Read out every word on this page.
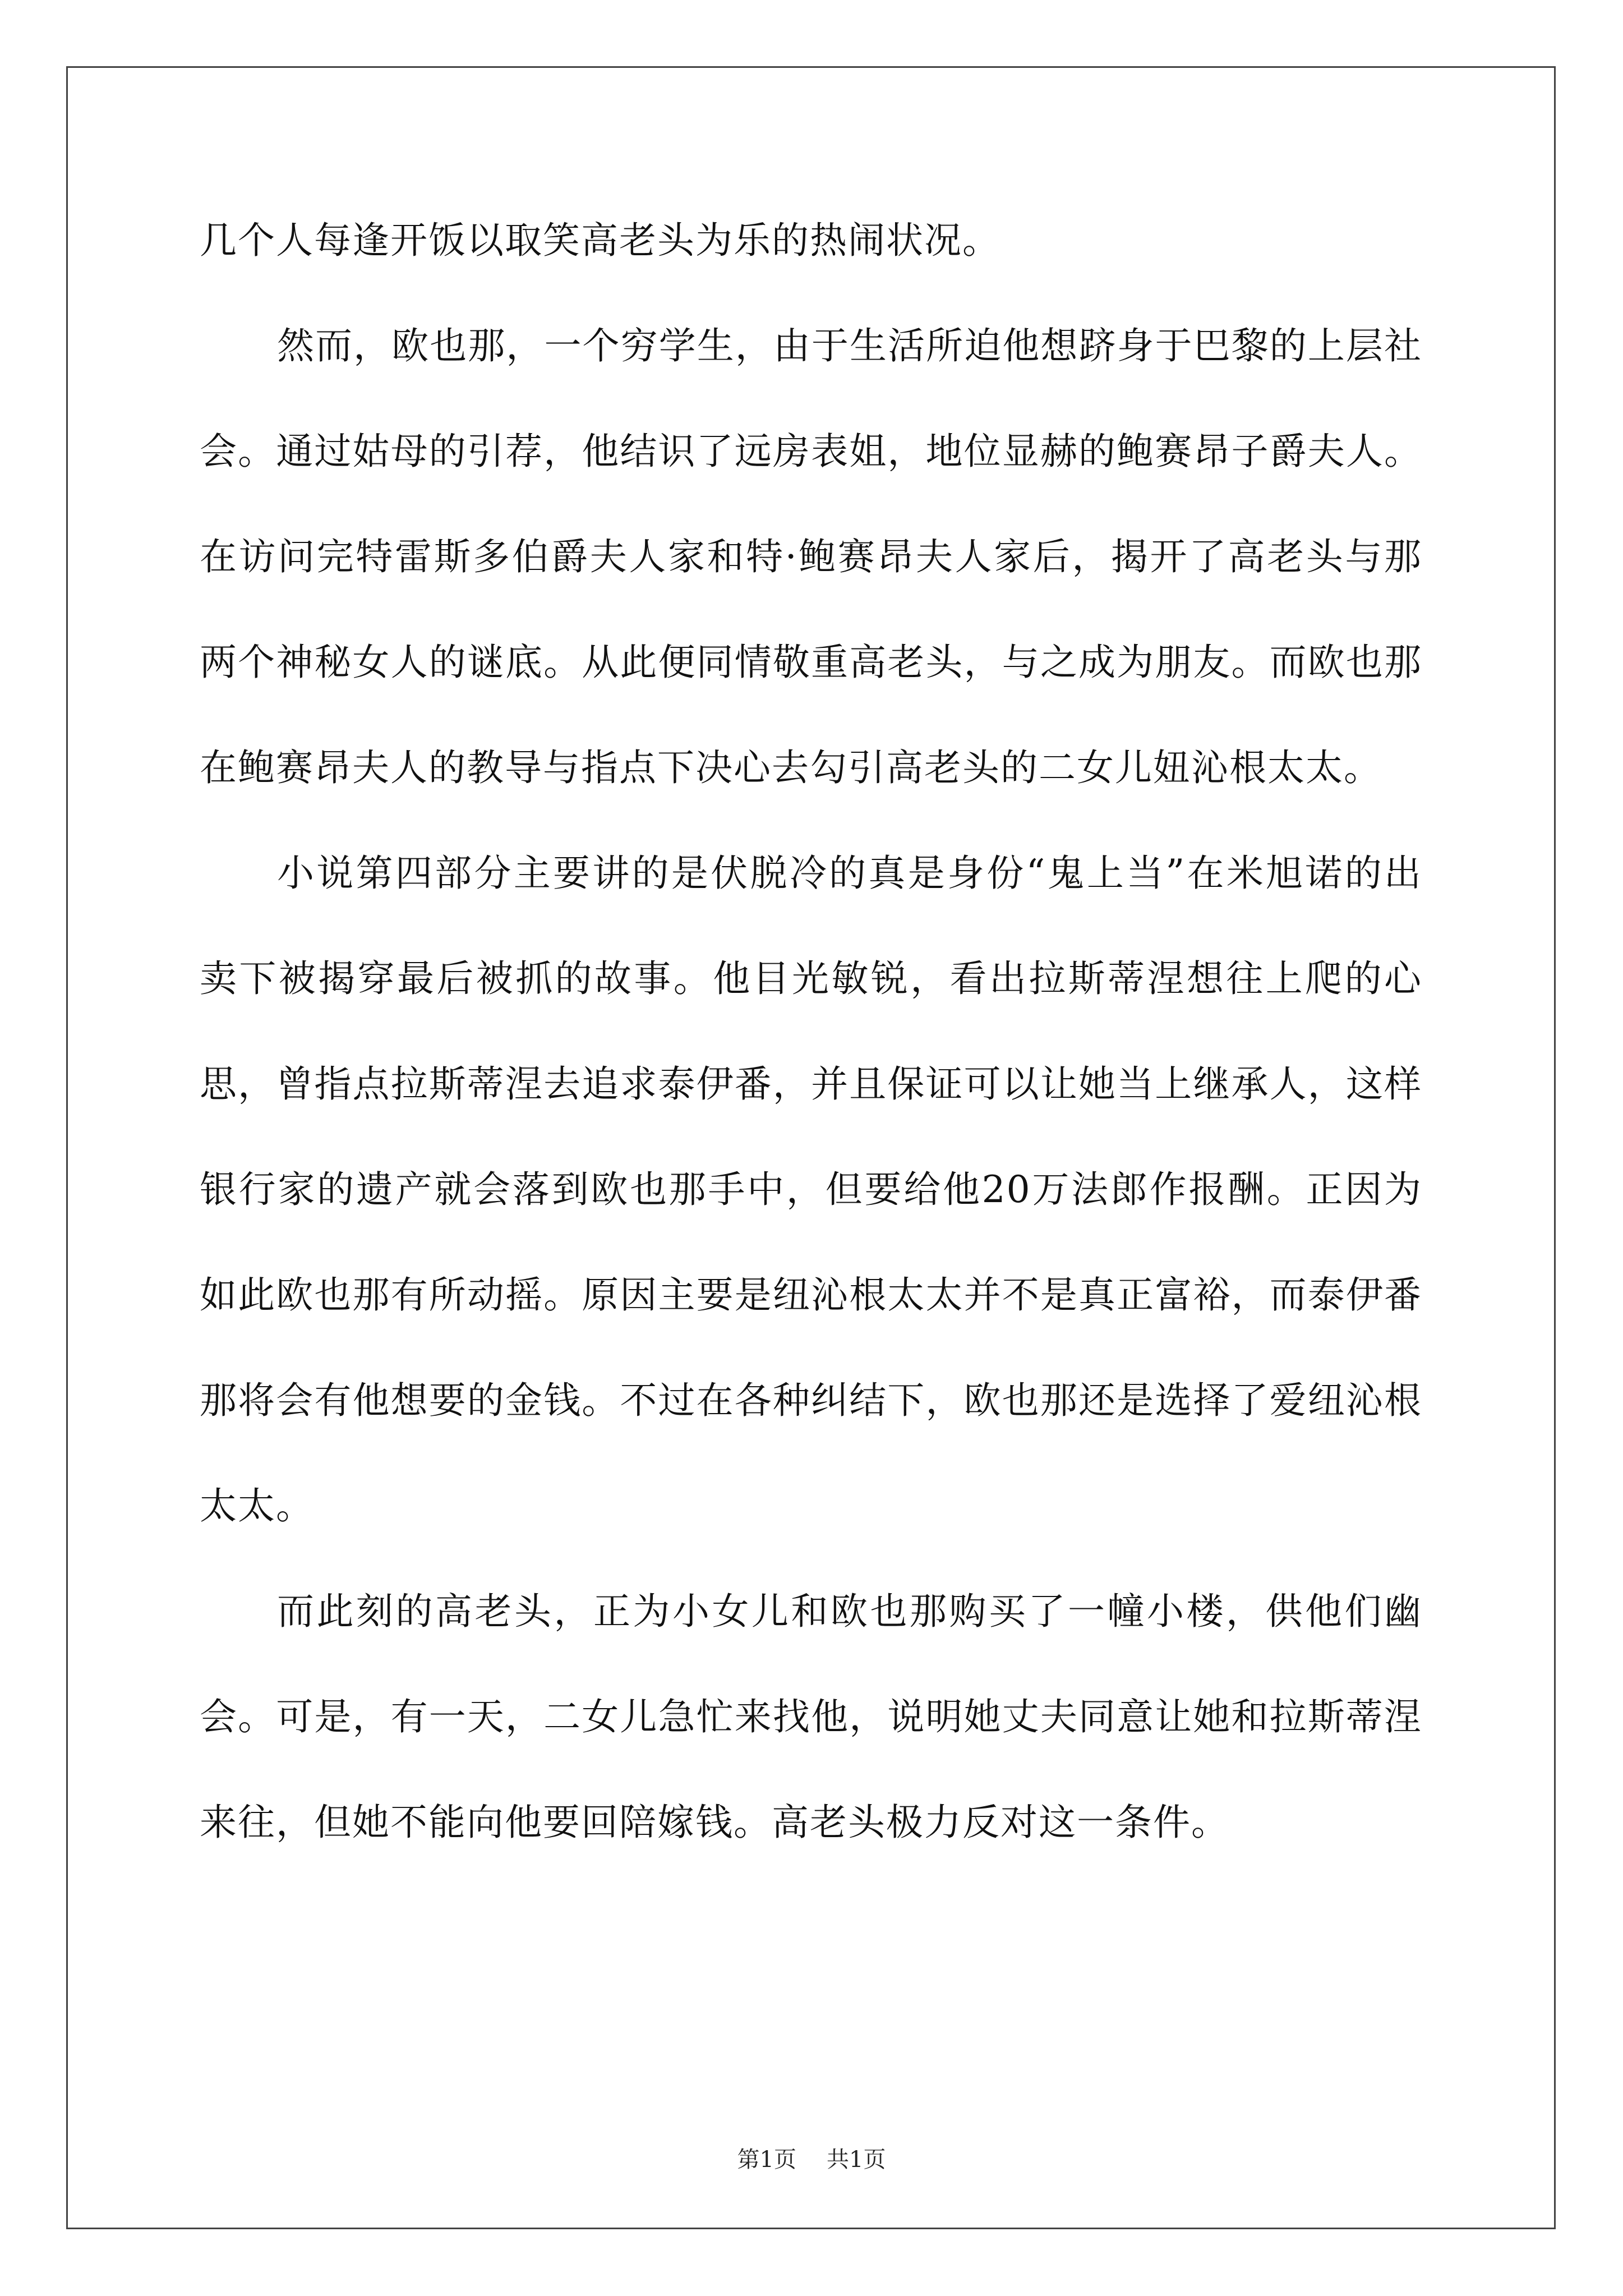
几个人每逢开饭以取笑高老头为乐的热闹状况。

然而，欧也那，一个穷学生，由于生活所迫他想跻身于巴黎的上层社会。通过姑母的引荐，他结识了远房表姐，地位显赫的鲍赛昂子爵夫人。在访问完特雷斯多伯爵夫人家和特·鲍赛昂夫人家后，揭开了高老头与那两个神秘女人的谜底。从此便同情敬重高老头，与之成为朋友。而欧也那在鲍赛昂夫人的教导与指点下决心去勾引高老头的二女儿妞沁根太太。

小说第四部分主要讲的是伏脱冷的真是身份“鬼上当”在米旭诺的出卖下被揭穿最后被抓的故事。他目光敏锐，看出拉斯蒂涅想往上爬的心思，曾指点拉斯蒂涅去追求泰伊番，并且保证可以让她当上继承人，这样银行家的遗产就会落到欧也那手中，但要给他20万法郎作报酬。正因为如此欧也那有所动摇。原因主要是纽沁根太太并不是真正富裕，而泰伊番那将会有他想要的金钱。不过在各种纠结下，欧也那还是选择了爱纽沁根太太。

而此刻的高老头，正为小女儿和欧也那购买了一幢小楼，供他们幽会。可是，有一天，二女儿急忙来找他，说明她丈夫同意让她和拉斯蒂涅来往，但她不能向他要回陪嫁钱。高老头极力反对这一条件。

第1页 共1页
